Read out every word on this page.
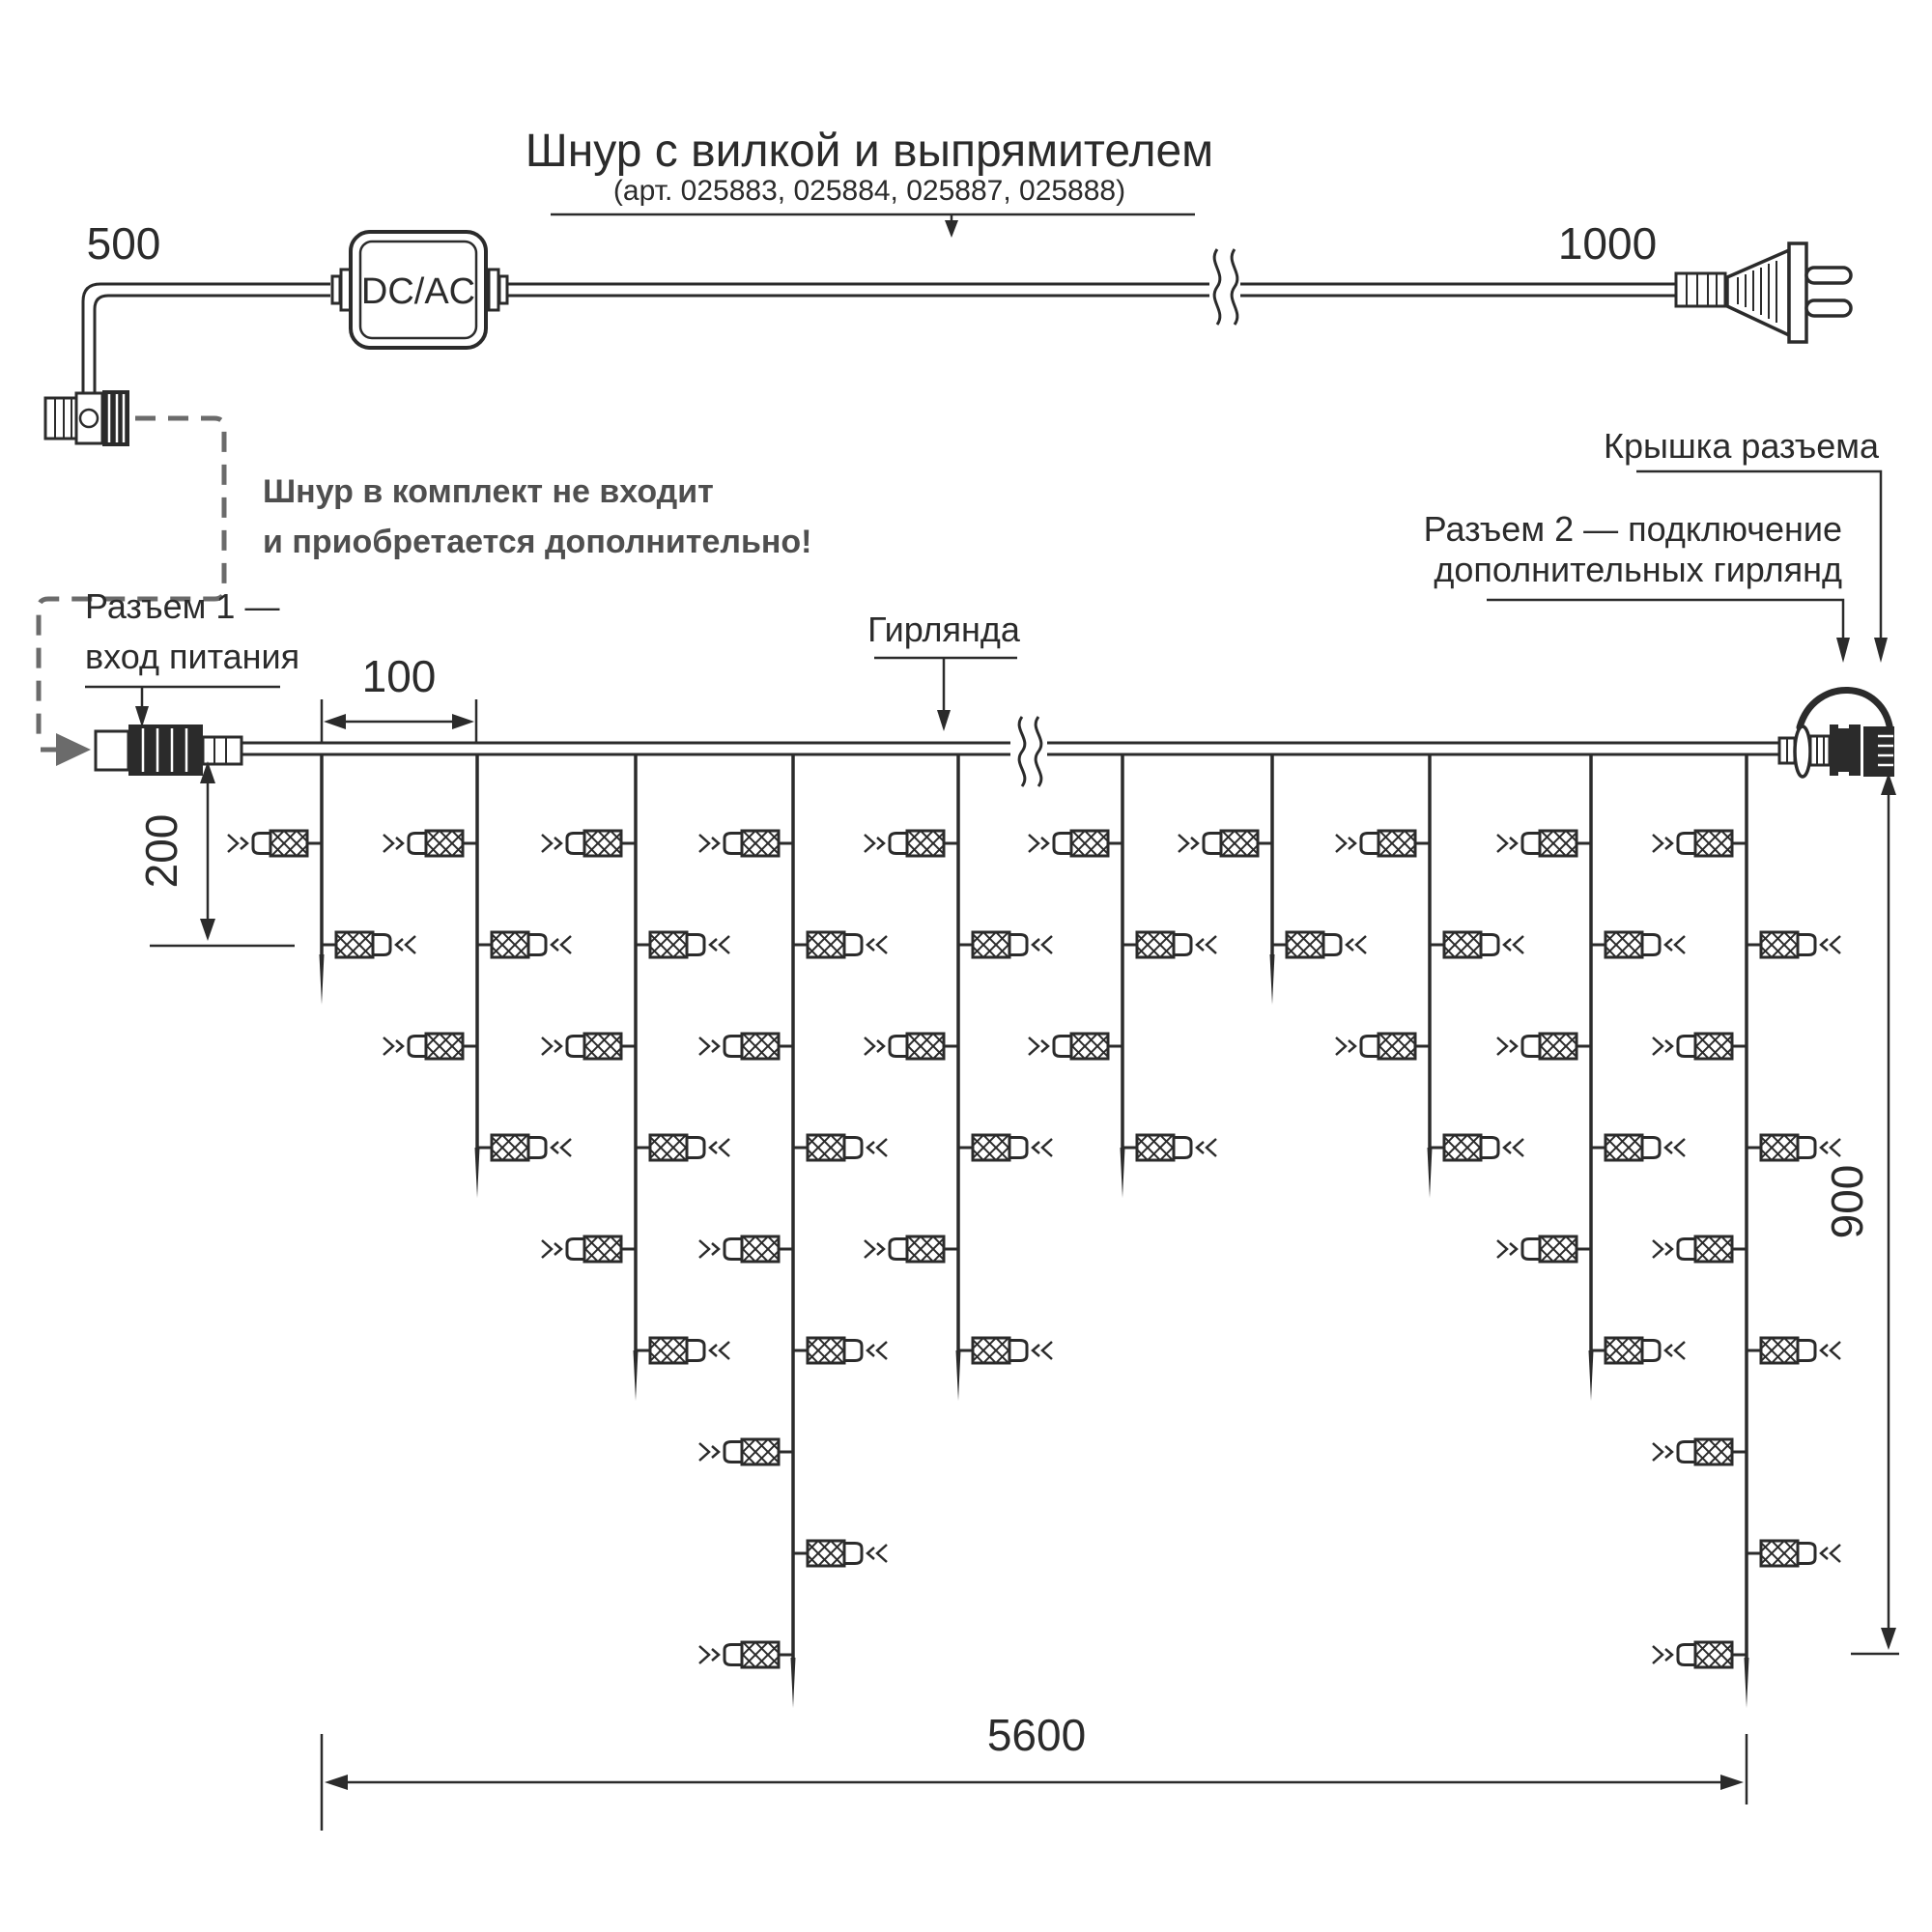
Шнур с вилкой и выпрямителем
(арт. 025883, 025884, 025887, 025888)
500	1000
DC/AC
Шнур в комплект не входит
и приобретается дополнительно!
Разъем 1 —
вход питания
Крышка разъема
Разъем 2 — подключение
дополнительных гирлянд
Гирлянда
100
200
900
5600
